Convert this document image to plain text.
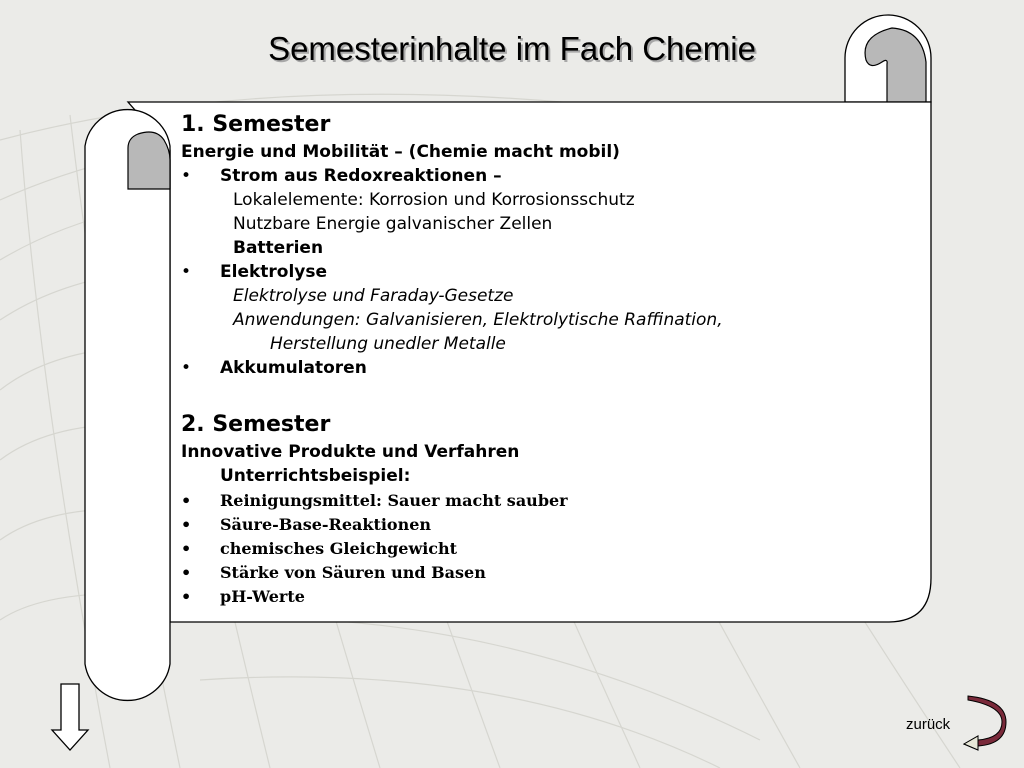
Semesterinhalte im Fach Chemie
1. Semester
Energie und Mobilität – (Chemie macht mobil)
• Strom aus Redoxreaktionen –
Lokalelemente: Korrosion und Korrosionsschutz
Nutzbare Energie galvanischer Zellen
Batterien
• Elektrolyse
Elektrolyse und Faraday-Gesetze
Anwendungen: Galvanisieren, Elektrolytische Raffination,
Herstellung unedler Metalle
• Akkumulatoren
2. Semester
Innovative Produkte und Verfahren
Unterrichtsbeispiel:
• Reinigungsmittel: Sauer macht sauber
• Säure-Base-Reaktionen
• chemisches Gleichgewicht
• Stärke von Säuren und Basen
• pH-Werte
zurück
